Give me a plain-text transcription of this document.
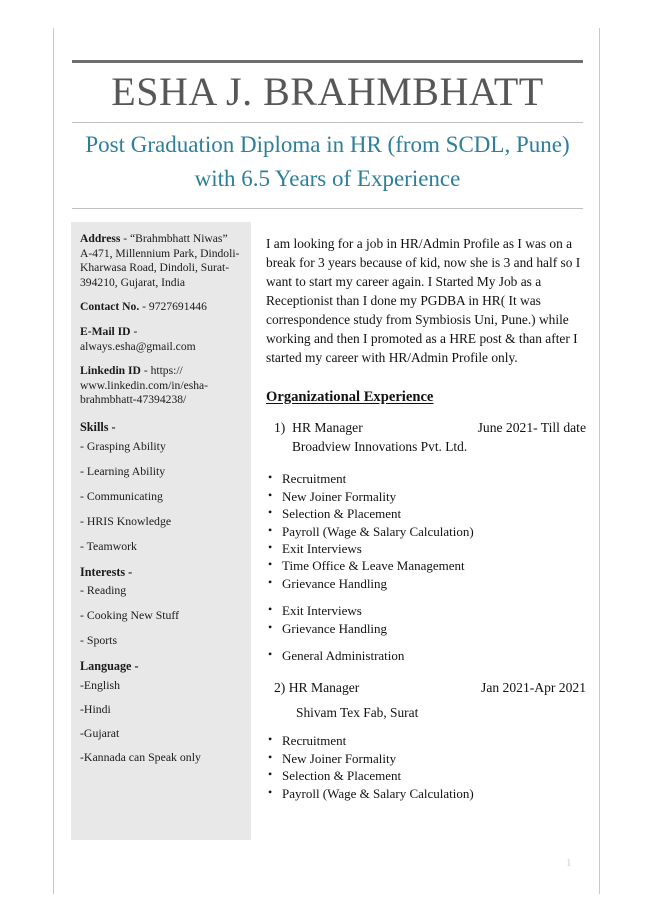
ESHA J. BRAHMBHATT
Post Graduation Diploma in HR (from SCDL, Pune) with 6.5 Years of Experience
Address - “Brahmbhatt Niwas” A-471, Millennium Park, Dindoli-Kharwasa Road, Dindoli, Surat-394210, Gujarat, India
Contact No. - 9727691446
E-Mail ID -
always.esha@gmail.com
Linkedin ID - https:// www.linkedin.com/in/esha-brahmbhatt-47394238/
Skills -
- Grasping Ability
- Learning Ability
- Communicating
- HRIS Knowledge
- Teamwork
Interests -
- Reading
- Cooking New Stuff
- Sports
Language -
-English
-Hindi
-Gujarat
-Kannada can Speak only

I am looking for a job in HR/Admin Profile as I was on a break for 3 years because of kid, now she is 3 and half so I want to start my career again. I Started My Job as a Receptionist than I done my PGDBA in HR( It was correspondence study from Symbiosis Uni, Pune.) while working and then I promoted as a HRE post & than after I started my career with HR/Admin Profile only.

Organizational Experience
1) HR Manager	June 2021- Till date
Broadview Innovations Pvt. Ltd.
• Recruitment
• New Joiner Formality
• Selection & Placement
• Payroll (Wage & Salary Calculation)
• Exit Interviews
• Time Office & Leave Management
• Grievance Handling
• Exit Interviews
• Grievance Handling
• General Administration
2) HR Manager	Jan 2021-Apr 2021
Shivam Tex Fab, Surat
• Recruitment
• New Joiner Formality
• Selection & Placement
• Payroll (Wage & Salary Calculation)
1
